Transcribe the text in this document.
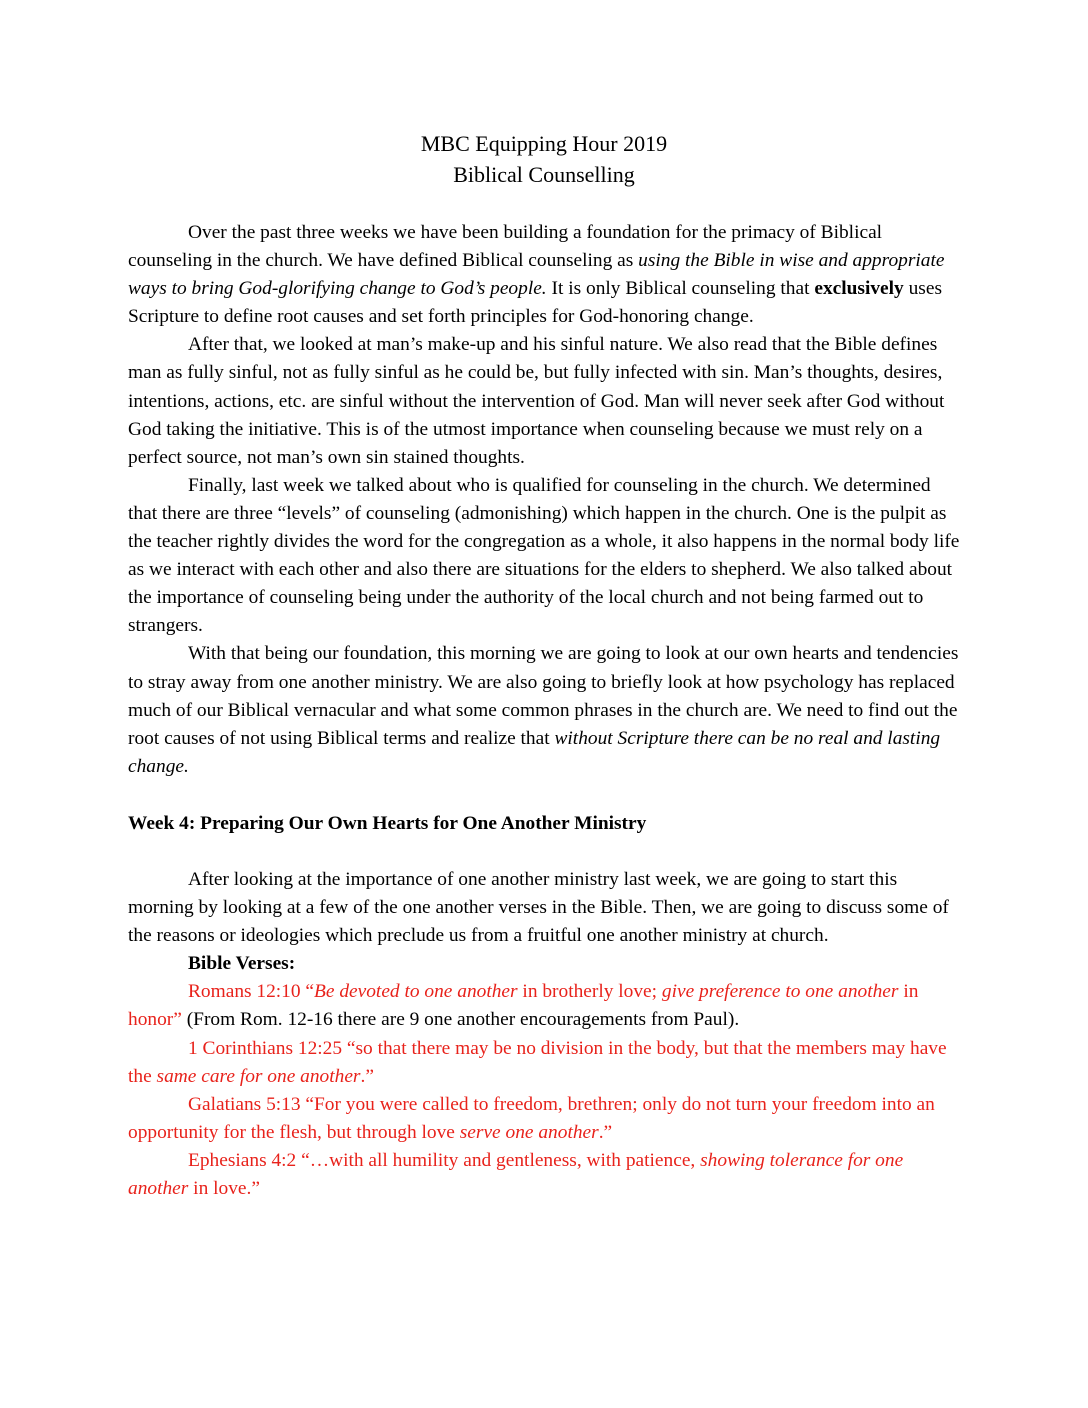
MBC Equipping Hour 2019
Biblical Counselling

Over the past three weeks we have been building a foundation for the primacy of Biblical counseling in the church. We have defined Biblical counseling as using the Bible in wise and appropriate ways to bring God-glorifying change to God’s people. It is only Biblical counseling that exclusively uses Scripture to define root causes and set forth principles for God-honoring change.

After that, we looked at man’s make-up and his sinful nature. We also read that the Bible defines man as fully sinful, not as fully sinful as he could be, but fully infected with sin. Man’s thoughts, desires, intentions, actions, etc. are sinful without the intervention of God. Man will never seek after God without God taking the initiative. This is of the utmost importance when counseling because we must rely on a perfect source, not man’s own sin stained thoughts.

Finally, last week we talked about who is qualified for counseling in the church. We determined that there are three “levels” of counseling (admonishing) which happen in the church. One is the pulpit as the teacher rightly divides the word for the congregation as a whole, it also happens in the normal body life as we interact with each other and also there are situations for the elders to shepherd. We also talked about the importance of counseling being under the authority of the local church and not being farmed out to strangers.

With that being our foundation, this morning we are going to look at our own hearts and tendencies to stray away from one another ministry. We are also going to briefly look at how psychology has replaced much of our Biblical vernacular and what some common phrases in the church are. We need to find out the root causes of not using Biblical terms and realize that without Scripture there can be no real and lasting change.

Week 4: Preparing Our Own Hearts for One Another Ministry

After looking at the importance of one another ministry last week, we are going to start this morning by looking at a few of the one another verses in the Bible. Then, we are going to discuss some of the reasons or ideologies which preclude us from a fruitful one another ministry at church.

Bible Verses:

Romans 12:10 “Be devoted to one another in brotherly love; give preference to one another in honor” (From Rom. 12-16 there are 9 one another encouragements from Paul).

1 Corinthians 12:25 “so that there may be no division in the body, but that the members may have the same care for one another.”

Galatians 5:13 “For you were called to freedom, brethren; only do not turn your freedom into an opportunity for the flesh, but through love serve one another.”

Ephesians 4:2 “…with all humility and gentleness, with patience, showing tolerance for one another in love.”
